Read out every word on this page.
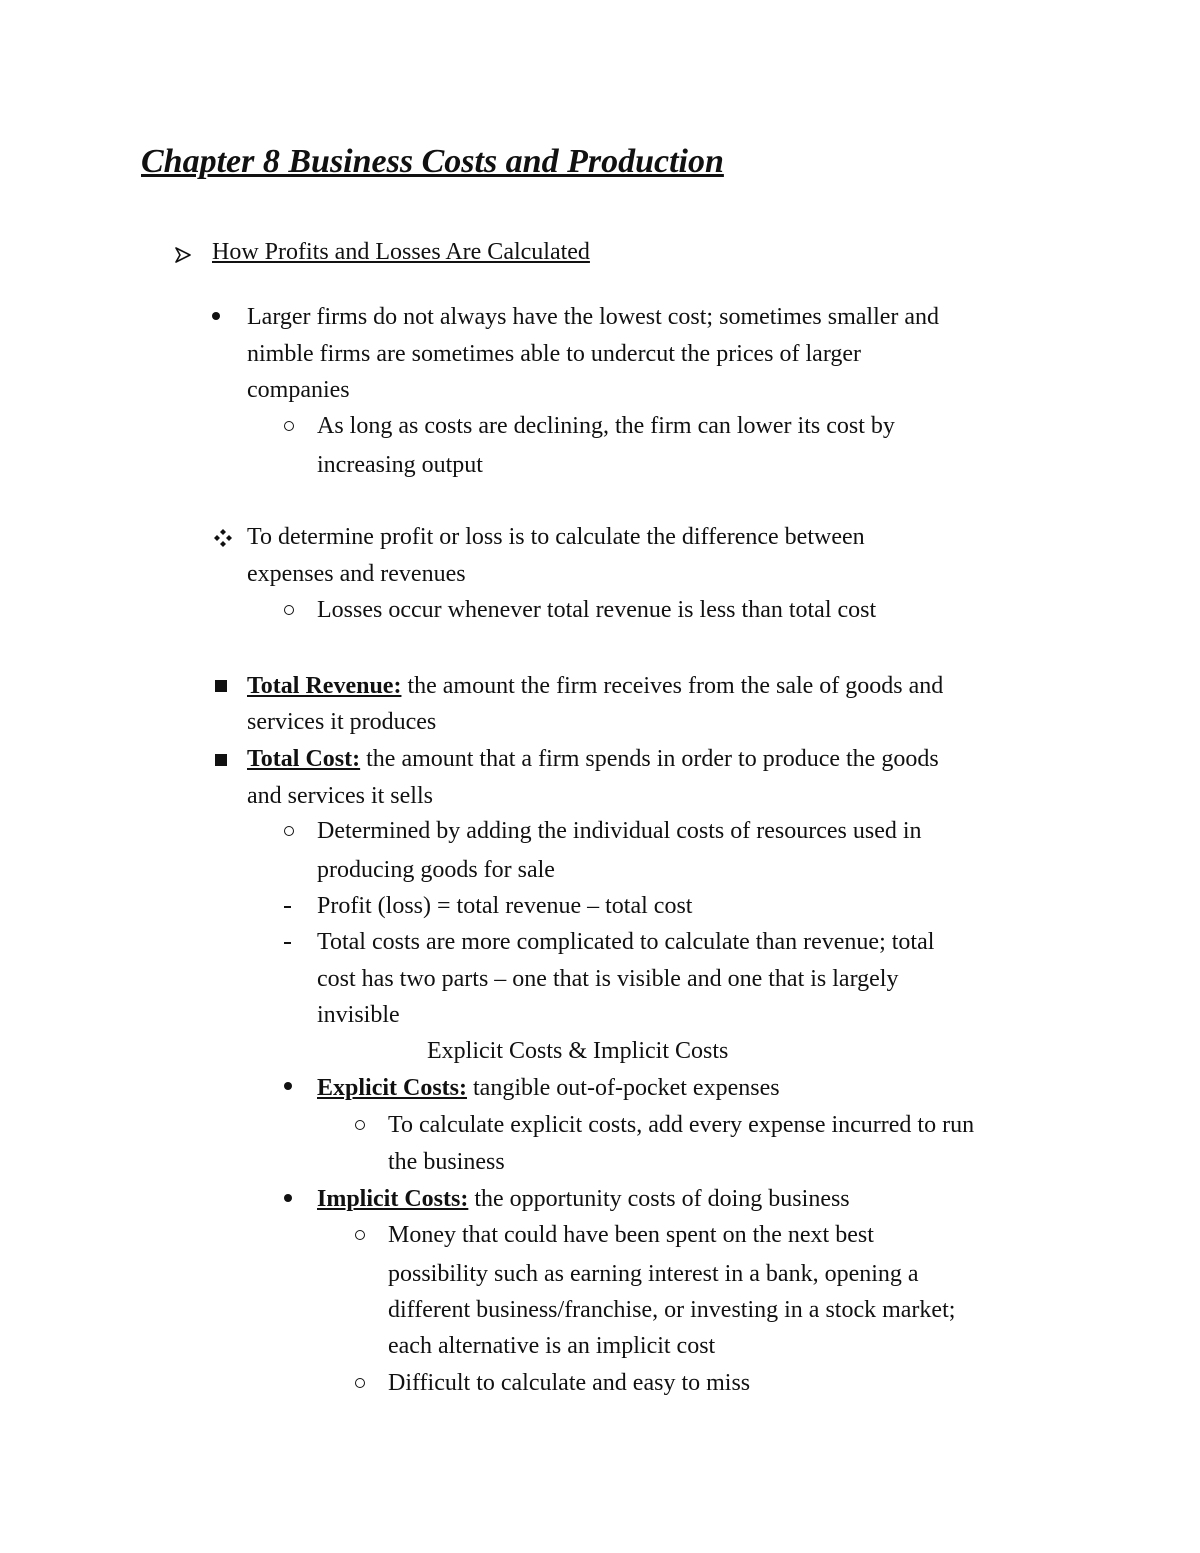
Chapter 8 Business Costs and Production
How Profits and Losses Are Calculated
Larger firms do not always have the lowest cost; sometimes smaller and
nimble firms are sometimes able to undercut the prices of larger
companies
As long as costs are declining, the firm can lower its cost by
increasing output
To determine profit or loss is to calculate the difference between
expenses and revenues
Losses occur whenever total revenue is less than total cost
Total Revenue: the amount the firm receives from the sale of goods and
services it produces
Total Cost: the amount that a firm spends in order to produce the goods
and services it sells
Determined by adding the individual costs of resources used in
producing goods for sale
Profit (loss) = total revenue – total cost
Total costs are more complicated to calculate than revenue; total
cost has two parts – one that is visible and one that is largely
invisible
Explicit Costs & Implicit Costs
Explicit Costs: tangible out-of-pocket expenses
To calculate explicit costs, add every expense incurred to run
the business
Implicit Costs: the opportunity costs of doing business
Money that could have been spent on the next best
possibility such as earning interest in a bank, opening a
different business/franchise, or investing in a stock market;
each alternative is an implicit cost
Difficult to calculate and easy to miss
